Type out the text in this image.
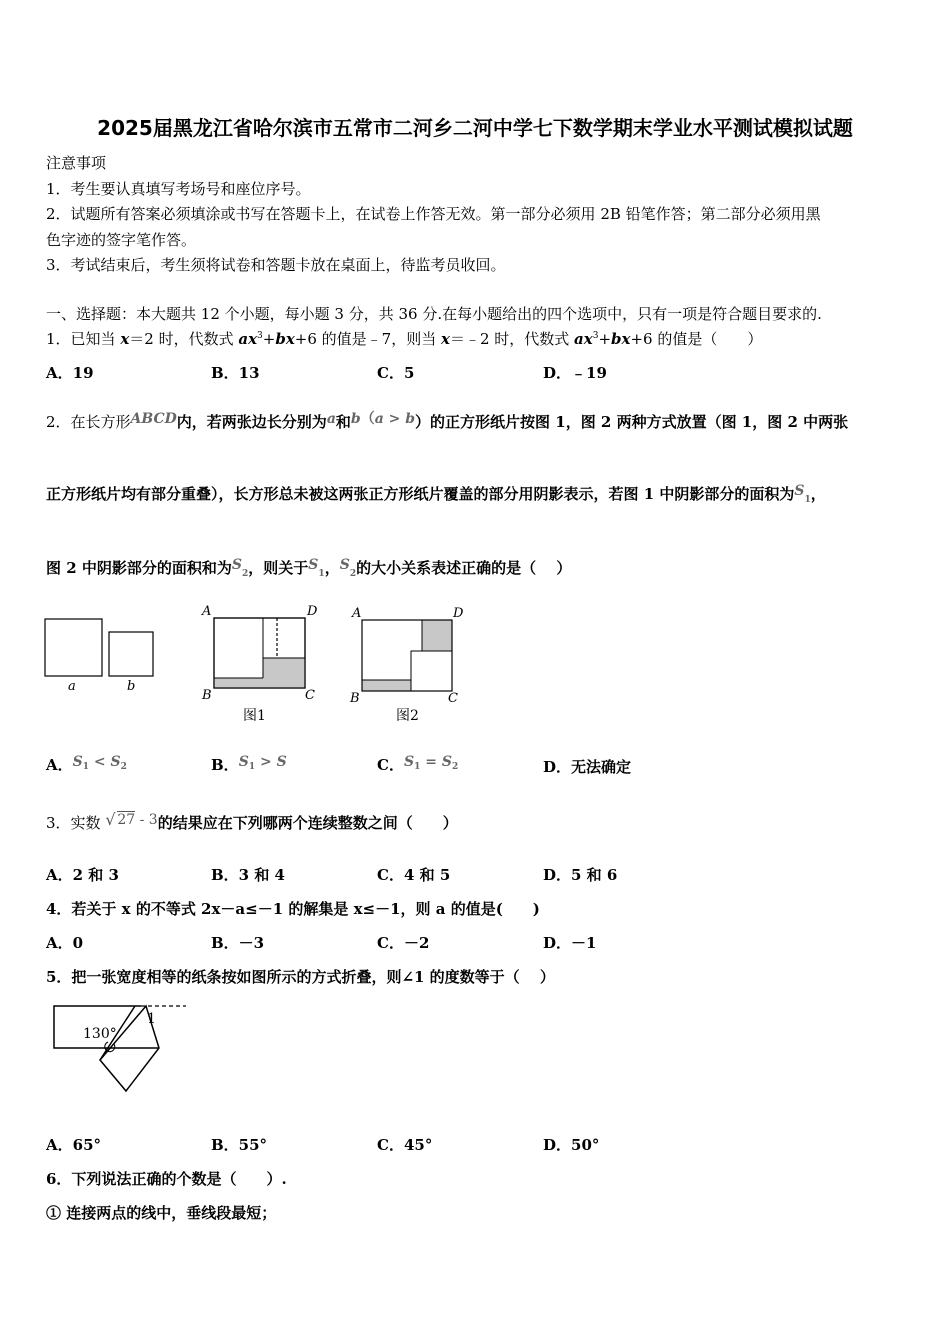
2025届黑龙江省哈尔滨市五常市二河乡二河中学七下数学期末学业水平测试模拟试题
注意事项
1．考生要认真填写考场号和座位序号。
2．试题所有答案必须填涂或书写在答题卡上，在试卷上作答无效。第一部分必须用 2B 铅笔作答；第二部分必须用黑
色字迹的签字笔作答。
3．考试结束后，考生须将试卷和答题卡放在桌面上，待监考员收回。
一、选择题：本大题共 12 个小题，每小题 3 分，共 36 分.在每小题给出的四个选项中，只有一项是符合题目要求的.
1．已知当 x＝2 时，代数式 $ax^3+bx+6$ 的值是﹣7，则当 x＝﹣2 时，代数式 $ax^3+bx+6$ 的值是（　　）
A．19	B．13	C．5	D．﹣19
2．在长方形ABCD内，若两张边长分别为a和b（a > b）的正方形纸片按图 1，图 2 两种方式放置（图 1，图 2 中两张
正方形纸片均有部分重叠），长方形总未被这两张正方形纸片覆盖的部分用阴影表示，若图 1 中阴影部分的面积为$S_1$，
图 2 中阴影部分的面积和为$S_2$，则关于$S_1$，$S_2$的大小关系表述正确的是（　 ）
a	b
A	D
B	C
图1
A	D
B	C
图2
A．$S_1 < S_2$	B．$S_1 > S$	C．$S_1 = S_2$	D．无法确定
3．实数 √ 27 - 3的结果应在下列哪两个连续整数之间（　　）
A．2 和 3	B．3 和 4	C．4 和 5	D．5 和 6
4．若关于 x 的不等式 2x－a≤－1 的解集是 x≤－1，则 a 的值是(　　)
A．0	B．－3	C．－2	D．－1
5．把一张宽度相等的纸条按如图所示的方式折叠，则∠1 的度数等于（　 ）
130°
1
A．65°	B．55°	C．45°	D．50°
6．下列说法正确的个数是（　　）.
① 连接两点的线中，垂线段最短；
